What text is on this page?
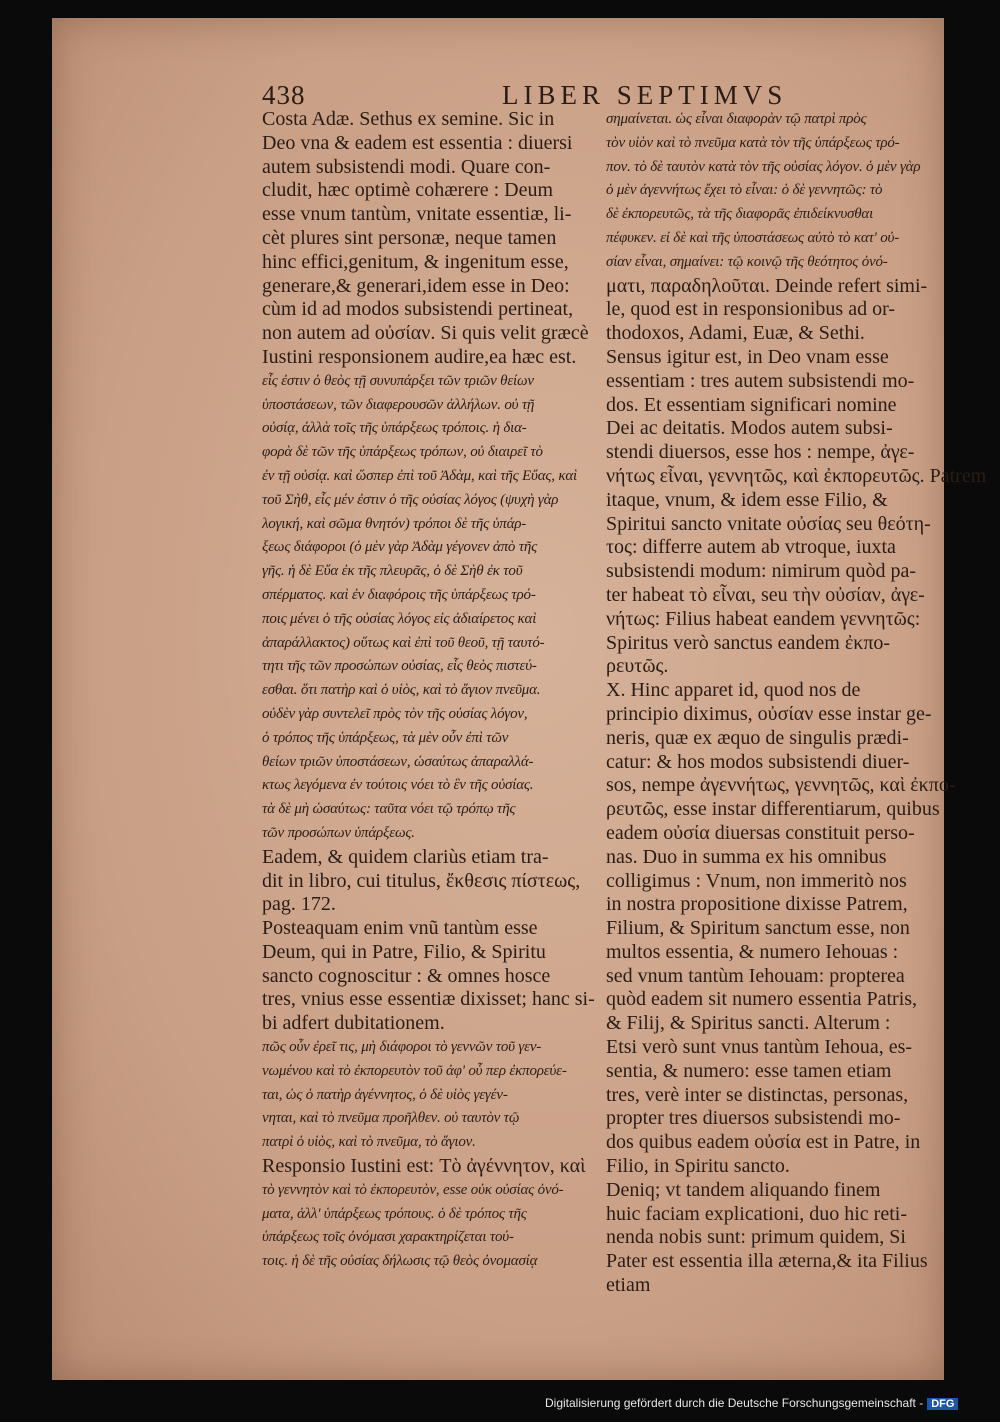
438	LIBER SEPTIMVS
Costa Adæ. Sethus ex semine. Sic in
Deo vna & eadem est essentia : diuersi
autem subsistendi modi. Quare con-
cludit, hæc optimè cohærere : Deum
esse vnum tantùm, vnitate essentiæ, li-
cèt plures sint personæ, neque tamen
hinc effici,genitum, & ingenitum esse,
generare,& generari,idem esse in Deo:
cùm id ad modos subsistendi pertineat,
non autem ad οὐσίαν. Si quis velit græcè
Iustini responsionem audire,ea hæc est.
εἷς ἐστιν ὁ θεὸς τῇ συνυπάρξει τῶν τριῶν θείων
ὑποστάσεων, τῶν διαφερουσῶν ἀλλήλων. οὐ τῇ
οὐσίᾳ, ἀλλὰ τοῖς τῆς ὑπάρξεως τρόποις. ἡ δια-
φορὰ δὲ τῶν τῆς ὑπάρξεως τρόπων, οὐ διαιρεῖ τὸ
ἐν τῇ οὐσίᾳ. καὶ ὥσπερ ἐπὶ τοῦ Ἀδὰμ, καὶ τῆς Εὔας, καὶ
τοῦ Σὴθ, εἷς μέν ἐστιν ὁ τῆς οὐσίας λόγος (ψυχὴ γὰρ
λογική, καὶ σῶμα θνητόν) τρόποι δὲ τῆς ὑπάρ-
ξεως διάφοροι (ὁ μὲν γὰρ Ἀδὰμ γέγονεν ἀπὸ τῆς
γῆς. ἡ δὲ Εὔα ἐκ τῆς πλευρᾶς, ὁ δὲ Σὴθ ἐκ τοῦ
σπέρματος. καὶ ἐν διαφόροις τῆς ὑπάρξεως τρό-
ποις μένει ὁ τῆς οὐσίας λόγος εἰς ἀδιαίρετος καὶ
ἀπαράλλακτος) οὕτως καὶ ἐπὶ τοῦ θεοῦ, τῇ ταυτό-
τητι τῆς τῶν προσώπων οὐσίας, εἷς θεὸς πιστεύ-
εσθαι. ὅτι πατὴρ καὶ ὁ υἱὸς, καὶ τὸ ἅγιον πνεῦμα.
οὐδὲν γὰρ συντελεῖ πρὸς τὸν τῆς οὐσίας λόγον,
ὁ τρόπος τῆς ὑπάρξεως, τὰ μὲν οὖν ἐπὶ τῶν
θείων τριῶν ὑποστάσεων, ὡσαύτως ἀπαραλλά-
κτως λεγόμενα ἐν τούτοις νόει τὸ ἓν τῆς οὐσίας.
τὰ δὲ μὴ ὡσαύτως: ταῦτα νόει τῷ τρόπῳ τῆς
τῶν προσώπων ὑπάρξεως.
Eadem, & quidem clariùs etiam tra-
dit in libro, cui titulus, ἔκθεσις πίστεως,
pag. 172.
Posteaquam enim vnũ tantùm esse
Deum, qui in Patre, Filio, & Spiritu
sancto cognoscitur : & omnes hosce
tres, vnius esse essentiæ dixisset; hanc si-
bi adfert dubitationem.
πῶς οὖν ἐρεῖ τις, μὴ διάφοροι τὸ γεννῶν τοῦ γεν-
νωμένου καὶ τὸ ἐκπορευτὸν τοῦ ἀφ' οὗ περ ἐκπορεύε-
ται, ὡς ὁ πατὴρ ἀγέννητος, ὁ δὲ υἱὸς γεγέν-
νηται, καὶ τὸ πνεῦμα προῆλθεν. οὐ ταυτὸν τῷ
πατρὶ ὁ υἱὸς, καὶ τὸ πνεῦμα, τὸ ἅγιον.
Responsio Iustini est: Τὸ ἀγέννητον, καὶ
τὸ γεννητὸν καὶ τὸ ἐκπορευτὸν, esse οὐκ οὐσίας ὀνό-
ματα, ἀλλ' ὑπάρξεως τρόπους. ὁ δὲ τρόπος τῆς
ὑπάρξεως τοῖς ὀνόμασι χαρακτηρίζεται τού-
τοις. ἡ δὲ τῆς οὐσίας δήλωσις τῷ θεὸς ὀνομασίᾳ
σημαίνεται. ὡς εἶναι διαφορὰν τῷ πατρὶ πρὸς
τὸν υἱὸν καὶ τὸ πνεῦμα κατὰ τὸν τῆς ὑπάρξεως τρό-
πον. τὸ δὲ ταυτὸν κατὰ τὸν τῆς οὐσίας λόγον. ὁ μὲν γὰρ
ὁ μὲν ἀγεννήτως ἔχει τὸ εἶναι: ὁ δὲ γεννητῶς: τὸ
δὲ ἐκπορευτῶς, τὰ τῆς διαφορᾶς ἐπιδείκνυσθαι
πέφυκεν. εἰ δὲ καὶ τῆς ὑποστάσεως αὐτὸ τὸ κατ' οὐ-
σίαν εἶναι, σημαίνει: τῷ κοινῷ τῆς θεότητος ὀνό-
ματι, παραδηλοῦται. Deinde refert simi-
le, quod est in responsionibus ad or-
thodoxos, Adami, Euæ, & Sethi.
Sensus igitur est, in Deo vnam esse
essentiam : tres autem subsistendi mo-
dos. Et essentiam significari nomine
Dei ac deitatis. Modos autem subsi-
stendi diuersos, esse hos : nempe, ἀγε-
νήτως εἶναι, γεννητῶς, καὶ ἐκπορευτῶς. Patrem
itaque, vnum, & idem esse Filio, &
Spiritui sancto vnitate οὐσίας seu θεότη-
τος: differre autem ab vtroque, iuxta
subsistendi modum: nimirum quòd pa-
ter habeat τὸ εἶναι, seu τὴν οὐσίαν, ἀγε-
νήτως: Filius habeat eandem γεννητῶς:
Spiritus verò sanctus eandem ἐκπο-
ρευτῶς.
X. Hinc apparet id, quod nos de
principio diximus, οὐσίαν esse instar ge-
neris, quæ ex æquo de singulis prædi-
catur: & hos modos subsistendi diuer-
sos, nempe ἀγεννήτως, γεννητῶς, καὶ ἐκπο-
ρευτῶς, esse instar differentiarum, quibus
eadem οὐσία diuersas constituit perso-
nas. Duo in summa ex his omnibus
colligimus : Vnum, non immeritò nos
in nostra propositione dixisse Patrem,
Filium, & Spiritum sanctum esse, non
multos essentia, & numero Iehouas :
sed vnum tantùm Iehouam: propterea
quòd eadem sit numero essentia Patris,
& Filij, & Spiritus sancti. Alterum :
Etsi verò sunt vnus tantùm Iehoua, es-
sentia, & numero: esse tamen etiam
tres, verè inter se distinctas, personas,
propter tres diuersos subsistendi mo-
dos quibus eadem οὐσία est in Patre, in
Filio, in Spiritu sancto.
Deniq; vt tandem aliquando finem
huic faciam explicationi, duo hic reti-
nenda nobis sunt: primum quidem, Si
Pater est essentia illa æterna,& ita Filius
etiam
Digitalisierung gefördert durch die Deutsche Forschungsgemeinschaft - DFG
